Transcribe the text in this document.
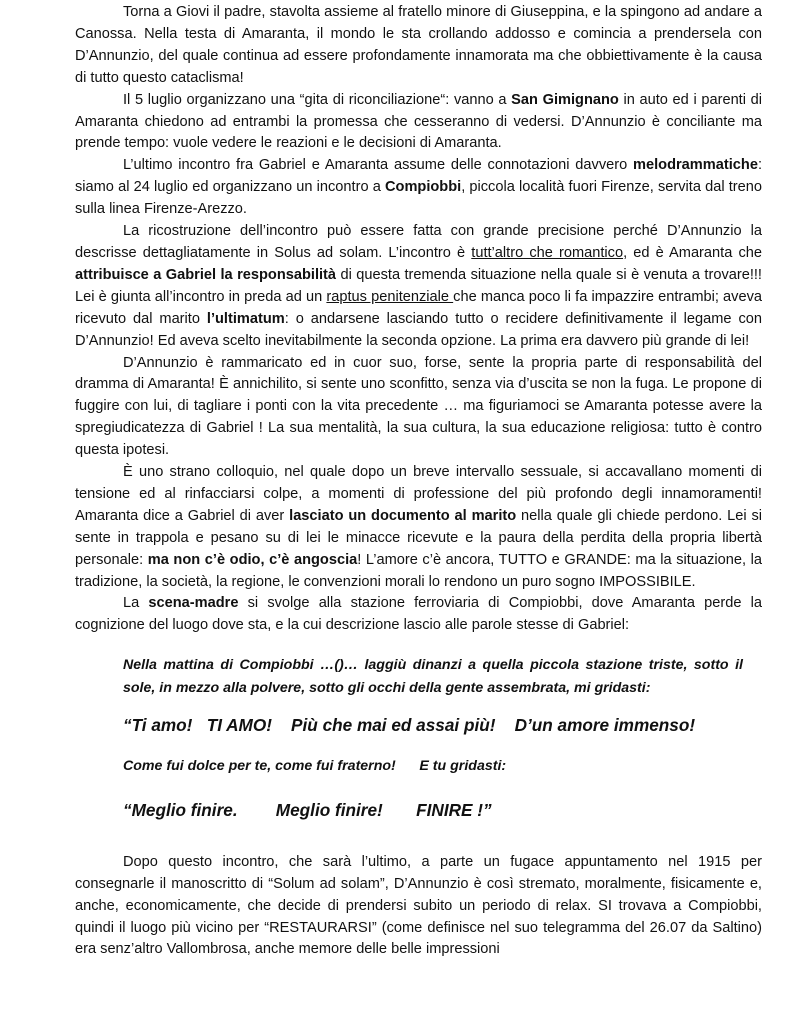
Torna a Giovi il padre, stavolta assieme al fratello minore di Giuseppina, e la spingono ad andare a Canossa. Nella testa di Amaranta, il mondo le sta crollando addosso e comincia a prendersela con D’Annunzio, del quale continua ad essere profondamente innamorata ma che obbiettivamente è la causa di tutto questo cataclisma!

Il 5 luglio organizzano una “gita di riconciliazione“: vanno a San Gimignano in auto ed i parenti di Amaranta chiedono ad entrambi la promessa che cesseranno di vedersi. D’Annunzio è conciliante ma prende tempo: vuole vedere le reazioni e le decisioni di Amaranta.

L’ultimo incontro fra Gabriel e Amaranta assume delle connotazioni davvero melodrammatiche: siamo al 24 luglio ed organizzano un incontro a Compiobbi, piccola località fuori Firenze, servita dal treno sulla linea Firenze-Arezzo.

La ricostruzione dell’incontro può essere fatta con grande precisione perché D’Annunzio la descrisse dettagliatamente in Solus ad solam. L’incontro è tutt’altro che romantico, ed è Amaranta che attribuisce a Gabriel la responsabilità di questa tremenda situazione nella quale si è venuta a trovare!!! Lei è giunta all’incontro in preda ad un raptus penitenziale che manca poco li fa impazzire entrambi; aveva ricevuto dal marito l’ultimatum: o andarsene lasciando tutto o recidere definitivamente il legame con D’Annunzio! Ed aveva scelto inevitabilmente la seconda opzione. La prima era davvero più grande di lei!

D’Annunzio è rammaricato ed in cuor suo, forse, sente la propria parte di responsabilità del dramma di Amaranta! È annichilito, si sente uno sconfitto, senza via d’uscita se non la fuga. Le propone di fuggire con lui, di tagliare i ponti con la vita precedente … ma figuriamoci se Amaranta potesse avere la spregiudicatezza di Gabriel ! La sua mentalità, la sua cultura, la sua educazione religiosa: tutto è contro questa ipotesi.

È uno strano colloquio, nel quale dopo un breve intervallo sessuale, si accavallano momenti di tensione ed al rinfacciarsi colpe, a momenti di professione del più profondo degli innamoramenti! Amaranta dice a Gabriel di aver lasciato un documento al marito nella quale gli chiede perdono. Lei si sente in trappola e pesano su di lei le minacce ricevute e la paura della perdita della propria libertà personale: ma non c’è odio, c’è angoscia! L’amore c’è ancora, TUTTO e GRANDE: ma la situazione, la tradizione, la società, la regione, le convenzioni morali lo rendono un puro sogno IMPOSSIBILE.

La scena-madre si svolge alla stazione ferroviaria di Compiobbi, dove Amaranta perde la cognizione del luogo dove sta, e la cui descrizione lascio alle parole stesse di Gabriel:

Nella mattina di Compiobbi …()… laggiù dinanzi a quella piccola stazione triste, sotto il sole, in mezzo alla polvere, sotto gli occhi della gente assembrata, mi gridasti:

“Ti amo!   TI AMO!    Più che mai ed assai più!    D’un amore immenso!

Come fui dolce per te, come fui fraterno!      E tu gridasti:

“Meglio finire.        Meglio finire!       FINIRE !”

Dopo questo incontro, che sarà l’ultimo, a parte un fugace appuntamento nel 1915 per consegnarle il manoscritto di “Solum ad solam”, D’Annunzio è così stremato, moralmente, fisicamente e, anche, economicamente, che decide di prendersi subito un periodo di relax. SI trovava a Compiobbi, quindi il luogo più vicino per “RESTAURARSI” (come definisce nel suo telegramma del 26.07 da Saltino) era senz’altro Vallombrosa, anche memore delle belle impressioni
